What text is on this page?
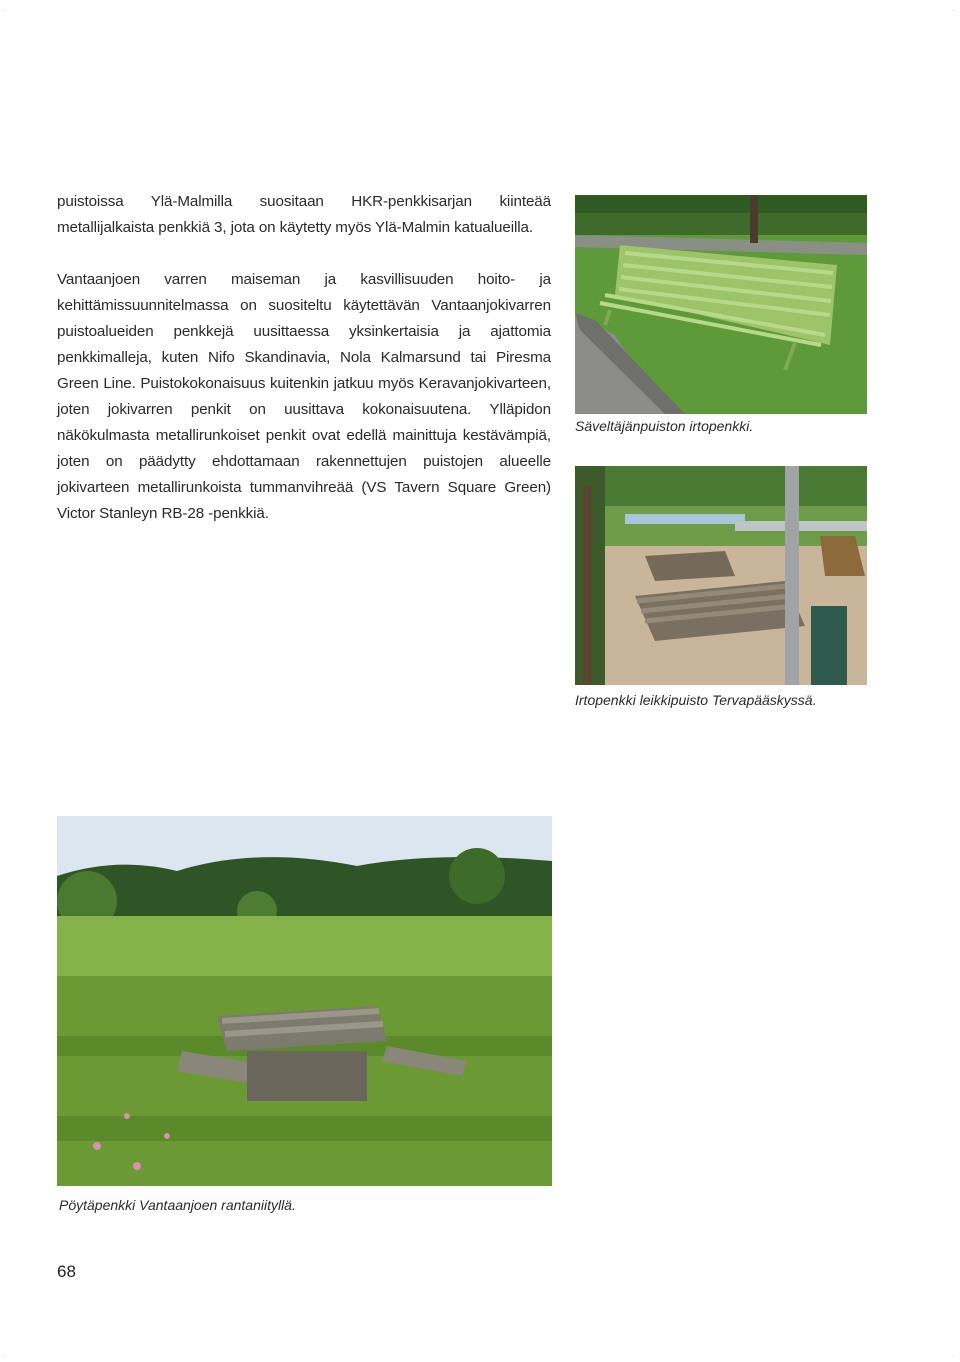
·	·
·	·

puistoissa Ylä-Malmilla suositaan HKR-penkkisarjan kiinteää metallijalkaista penkkiä 3, jota on käytetty myös Ylä-Malmin katualueilla.

Vantaanjoen varren maiseman ja kasvillisuuden hoito- ja kehittämissuunnitelmassa on suositeltu käytettävän Vantaanjokivarren puistoalueiden penkkejä uusittaessa yksinkertaisia ja ajattomia penkkimalleja, kuten Nifo Skandinavia, Nola Kalmarsund tai Piresma Green Line. Puistokokonaisuus kuitenkin jatkuu myös Keravanjokivarteen, joten jokivarren penkit on uusittava kokonaisuutena. Ylläpidon näkökulmasta metallirunkoiset penkit ovat edellä mainittuja kestävämpiä, joten on päädytty ehdottamaan rakennettujen puistojen alueelle jokivarteen metallirunkoista tummanvihreää (VS Tavern Square Green) Victor Stanleyn RB-28 -penkkiä.

Säveltäjänpuiston irtopenkki.
Irtopenkki leikkipuisto Tervapääskyssä.
Pöytäpenkki Vantaanjoen rantaniityllä.
68
